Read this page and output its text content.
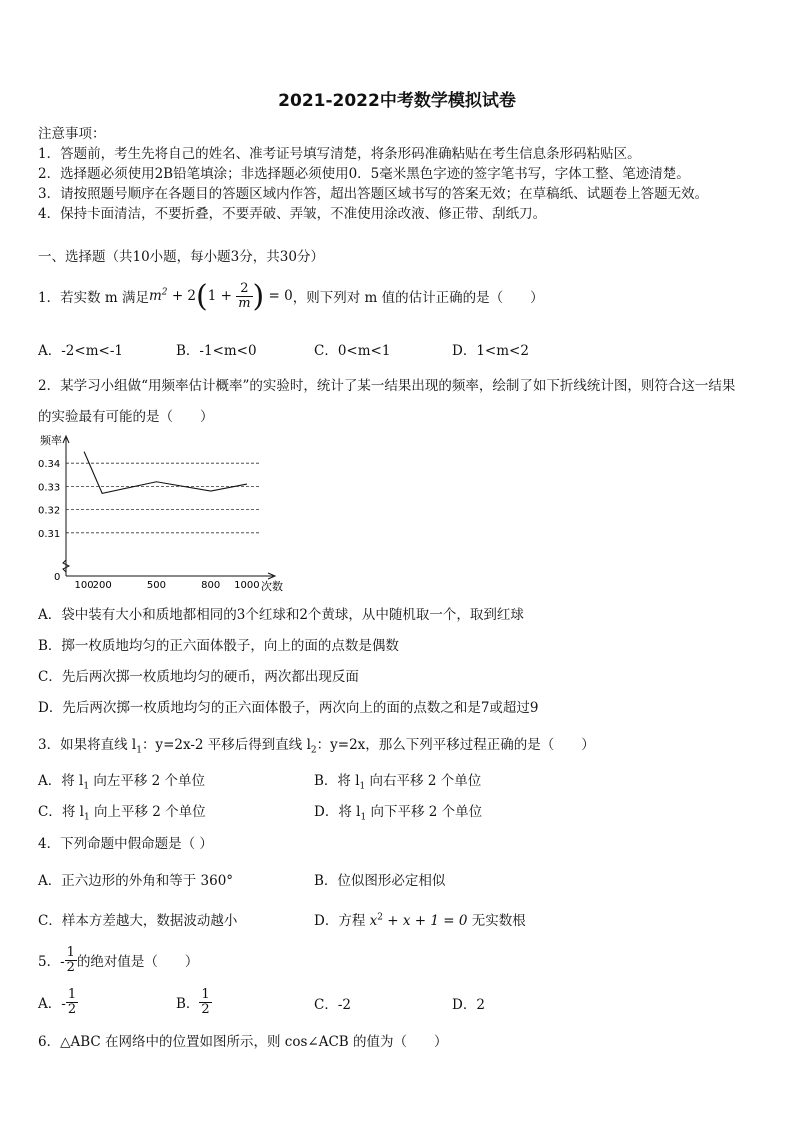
2021-2022中考数学模拟试卷
注意事项：
1．答题前，考生先将自己的姓名、准考证号填写清楚，将条形码准确粘贴在考生信息条形码粘贴区。
2．选择题必须使用2B铅笔填涂；非选择题必须使用0．5毫米黑色字迹的签字笔书写，字体工整、笔迹清楚。
3．请按照题号顺序在各题目的答题区域内作答，超出答题区域书写的答案无效；在草稿纸、试题卷上答题无效。
4．保持卡面清洁，不要折叠，不要弄破、弄皱，不准使用涂改液、修正带、刮纸刀。
一、选择题（共10小题，每小题3分，共30分）
1．若实数 m 满足 $m^2 + 2(1 + \frac{2}{m}$ ) = 0 ，则下列对 m 值的估计正确的是（　　）
A．-2<m<-1	B．-1<m<0	C．0<m<1	D．1<m<2
2．某学习小组做“用频率估计概率”的实验时，统计了某一结果出现的频率，绘制了如下折线统计图，则符合这一结果
的实验最有可能的是（　　）
频率
次数
0
0.31
0.32
0.33
0.34
100
200	500	800 1000
A．袋中装有大小和质地都相同的3个红球和2个黄球，从中随机取一个，取到红球
B．掷一枚质地均匀的正六面体骰子，向上的面的点数是偶数
C．先后两次掷一枚质地均匀的硬币，两次都出现反面
D．先后两次掷一枚质地均匀的正六面体骰子，两次向上的面的点数之和是7或超过9
3．如果将直线 $l_1$：y=2x-2 平移后得到直线 $l_2$：y=2x，那么下列平移过程正确的是（　　）
A．将 $l_1$ 向左平移 2 个单位	B．将 $l_1$ 向右平移 2 个单位
C．将 $l_1$ 向上平移 2 个单位	D．将 $l_1$ 向下平移 2 个单位
4．下列命题中假命题是（ ）
A．正六边形的外角和等于 360°	B．位似图形必定相似
C．样本方差越大，数据波动越小	D．方程 $x^2 + x + 1 = 0$ 无实数根
5．- $\frac{1}{2}$ 的绝对值是（　　）
A．- $\frac{1}{2}$	B． $\frac{1}{2}$	C．-2	D．2
6．△ABC 在网络中的位置如图所示，则 cos∠ACB 的值为（　　）
